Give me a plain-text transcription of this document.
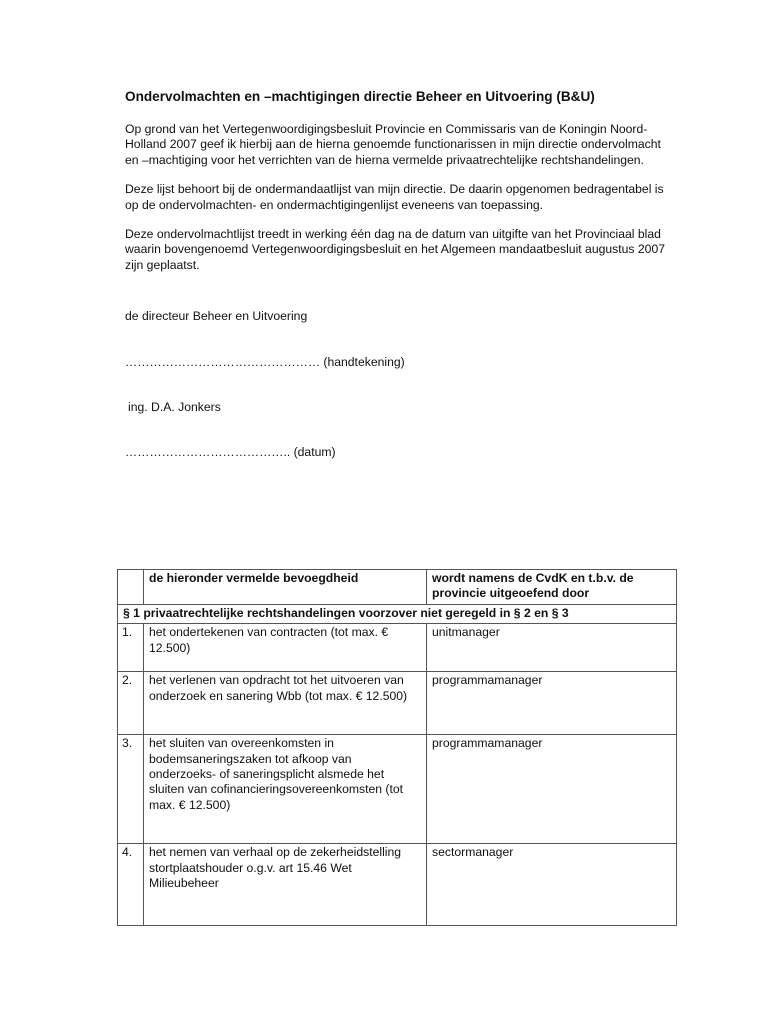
Ondervolmachten en –machtigingen directie Beheer en Uitvoering (B&U)

Op grond van het Vertegenwoordigingsbesluit Provincie en Commissaris van de Koningin Noord-Holland 2007 geef ik hierbij aan de hierna genoemde functionarissen in mijn directie ondervolmacht en –machtiging voor het verrichten van de hierna vermelde privaatrechtelijke rechtshandelingen.

Deze lijst behoort bij de ondermandaatlijst van mijn directie. De daarin opgenomen bedragentabel is op de ondervolmachten- en ondermachtigingenlijst eveneens van toepassing.

Deze ondervolmachtlijst treedt in werking één dag na de datum van uitgifte van het Provinciaal blad waarin bovengenoemd Vertegenwoordigingsbesluit en het Algemeen mandaatbesluit augustus 2007 zijn geplaatst.

de directeur Beheer en Uitvoering
………………………………………… (handtekening)
ing. D.A. Jonkers
………………………………….. (datum)
	de hieronder vermelde bevoegdheid	wordt namens de CvdK en t.b.v. de provincie uitgeoefend door
§ 1 privaatrechtelijke rechtshandelingen voorzover niet geregeld in § 2 en § 3		
1.	het ondertekenen van contracten (tot max. € 12.500)	unitmanager
2.	het verlenen van opdracht tot het uitvoeren van onderzoek en sanering Wbb (tot max. € 12.500)	programmamanager
3.	het sluiten van overeenkomsten in bodemsaneringszaken tot afkoop van onderzoeks- of saneringsplicht alsmede het sluiten van cofinancieringsovereenkomsten (tot max. € 12.500)	programmamanager
4.	het nemen van verhaal op de zekerheidstelling stortplaatshouder o.g.v. art 15.46 Wet Milieubeheer	sectormanager
